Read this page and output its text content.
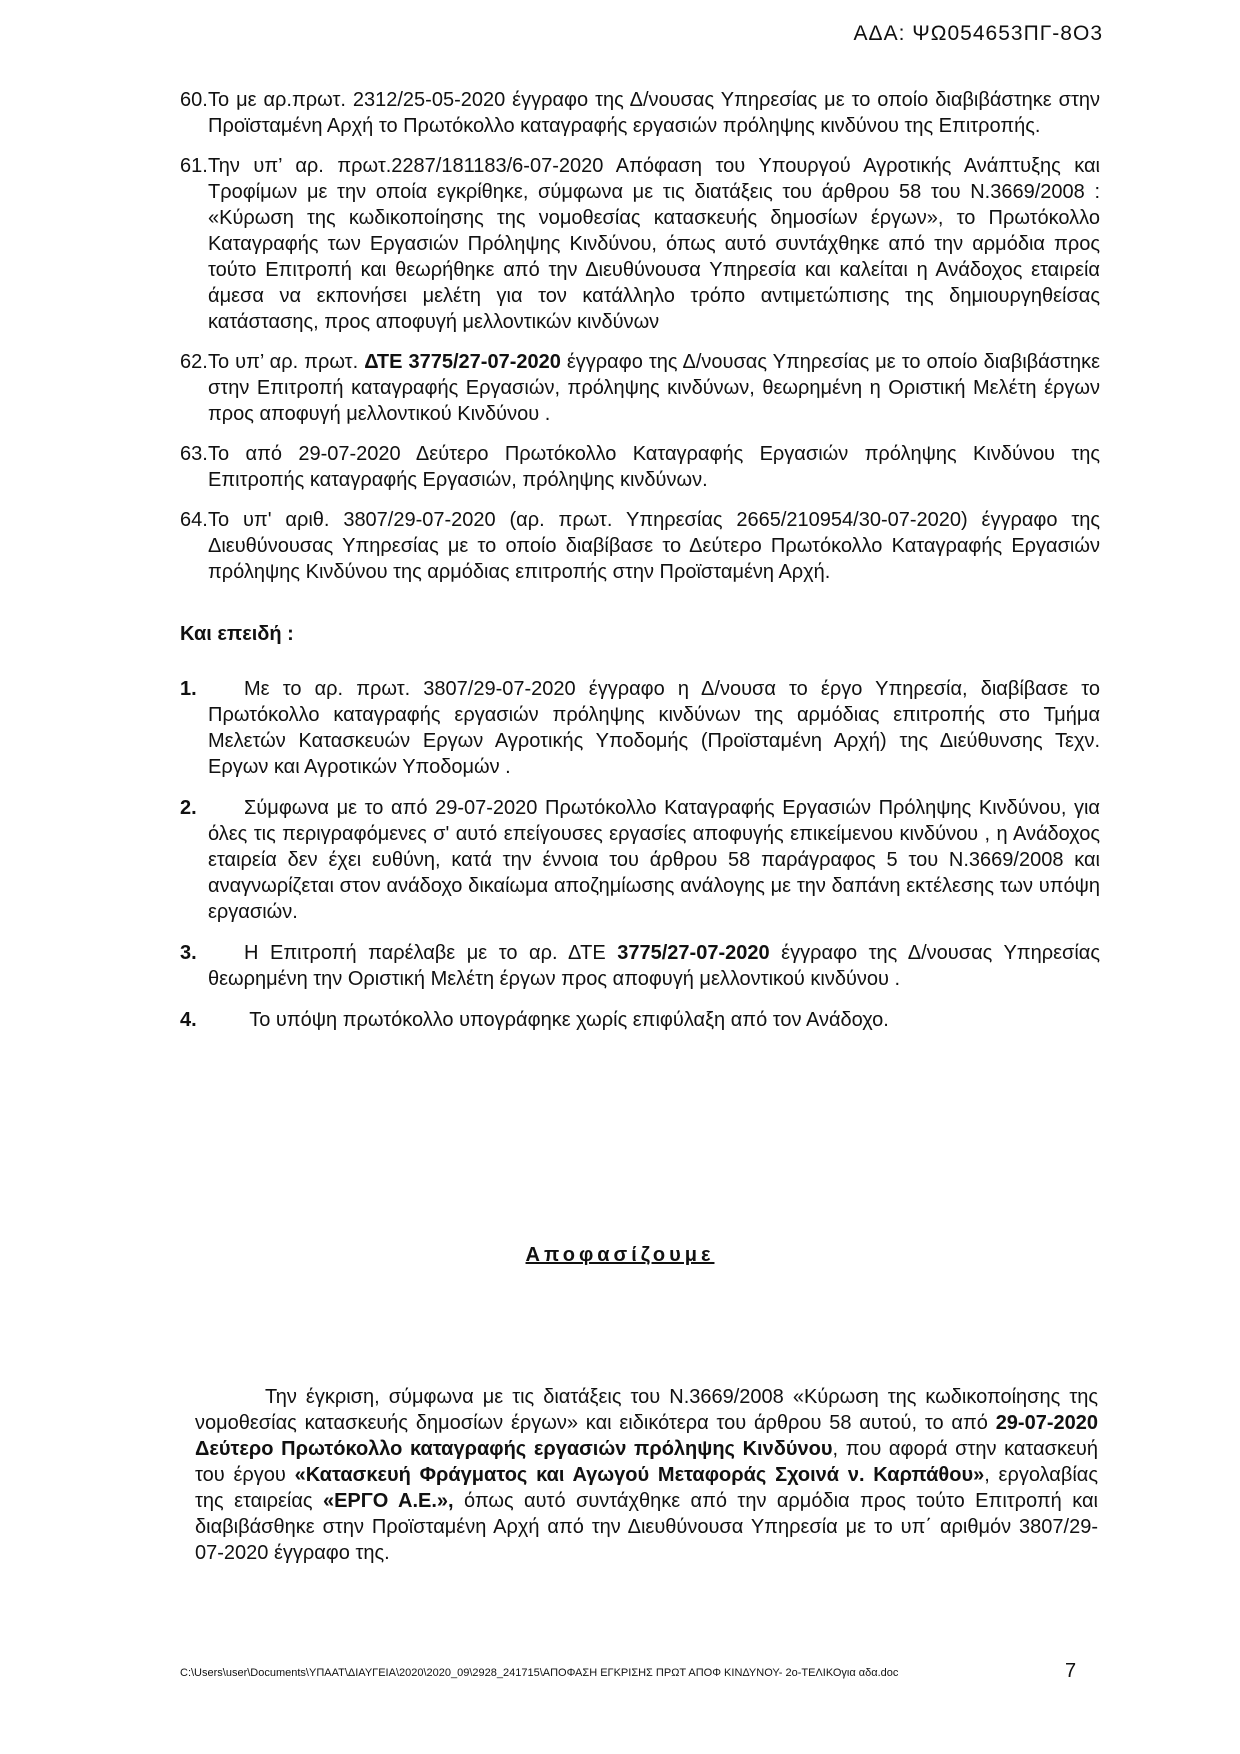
ΑΔΑ: ΨΩ054653ΠΓ-8Ο3
60. Το με αρ.πρωτ. 2312/25-05-2020 έγγραφο της Δ/νουσας Υπηρεσίας με το οποίο διαβιβάστηκε στην Προϊσταμένη Αρχή το Πρωτόκολλο καταγραφής εργασιών πρόληψης κινδύνου της Επιτροπής.
61. Την υπ’ αρ. πρωτ.2287/181183/6-07-2020 Απόφαση του Υπουργού Αγροτικής Ανάπτυξης και Τροφίμων με την οποία εγκρίθηκε, σύμφωνα με τις διατάξεις του άρθρου 58 του Ν.3669/2008 : «Κύρωση της κωδικοποίησης της νομοθεσίας κατασκευής δημοσίων έργων», το Πρωτόκολλο Καταγραφής των Εργασιών Πρόληψης Κινδύνου, όπως αυτό συντάχθηκε από την αρμόδια προς τούτο Επιτροπή και θεωρήθηκε από την Διευθύνουσα Υπηρεσία και καλείται η Ανάδοχος εταιρεία άμεσα να εκπονήσει μελέτη για τον κατάλληλο τρόπο αντιμετώπισης της δημιουργηθείσας κατάστασης, προς αποφυγή μελλοντικών κινδύνων
62. Το υπ’ αρ. πρωτ. ΔΤΕ 3775/27-07-2020 έγγραφο της Δ/νουσας Υπηρεσίας με το οποίο διαβιβάστηκε στην Επιτροπή καταγραφής Εργασιών, πρόληψης κινδύνων, θεωρημένη η Οριστική Μελέτη έργων προς αποφυγή μελλοντικού Κινδύνου .
63. Το από 29-07-2020 Δεύτερο Πρωτόκολλο Καταγραφής Εργασιών πρόληψης Κινδύνου της Επιτροπής καταγραφής Εργασιών, πρόληψης κινδύνων.
64. Το υπ' αριθ. 3807/29-07-2020 (αρ. πρωτ. Υπηρεσίας 2665/210954/30-07-2020) έγγραφο της Διευθύνουσας Υπηρεσίας με το οποίο διαβίβασε το Δεύτερο Πρωτόκολλο Καταγραφής Εργασιών πρόληψης Κινδύνου της αρμόδιας επιτροπής στην Προϊσταμένη Αρχή.
Και επειδή :
1.	Με το αρ. πρωτ. 3807/29-07-2020 έγγραφο η Δ/νουσα το έργο Υπηρεσία, διαβίβασε το Πρωτόκολλο καταγραφής εργασιών πρόληψης κινδύνων της αρμόδιας επιτροπής στο Τμήμα Μελετών Κατασκευών Εργων Αγροτικής Υποδομής (Προϊσταμένη Αρχή) της Διεύθυνσης Τεχν. Εργων και Αγροτικών Υποδομών .
2.	Σύμφωνα με το από 29-07-2020 Πρωτόκολλο Καταγραφής Εργασιών Πρόληψης Κινδύνου, για όλες τις περιγραφόμενες σ' αυτό επείγουσες εργασίες αποφυγής επικείμενου κινδύνου , η Ανάδοχος εταιρεία δεν έχει ευθύνη, κατά την έννοια του άρθρου 58 παράγραφος 5 του Ν.3669/2008 και αναγνωρίζεται στον ανάδοχο δικαίωμα αποζημίωσης ανάλογης με την δαπάνη εκτέλεσης των υπόψη εργασιών.
3.	Η Επιτροπή παρέλαβε με το αρ. ΔΤΕ 3775/27-07-2020 έγγραφο της Δ/νουσας Υπηρεσίας θεωρημένη την Οριστική Μελέτη έργων προς αποφυγή μελλοντικού κινδύνου .
4.	Το υπόψη πρωτόκολλο υπογράφηκε χωρίς επιφύλαξη από τον Ανάδοχο.
Αποφασίζουμε
Την έγκριση, σύμφωνα με τις διατάξεις του Ν.3669/2008 «Κύρωση της κωδικοποίησης της νομοθεσίας κατασκευής δημοσίων έργων» και ειδικότερα του άρθρου 58 αυτού, το από 29-07-2020 Δεύτερο Πρωτόκολλο καταγραφής εργασιών πρόληψης Κινδύνου, που αφορά στην κατασκευή του έργου «Κατασκευή Φράγματος και Αγωγού Μεταφοράς Σχοινά ν. Καρπάθου», εργολαβίας της εταιρείας «ΕΡΓΟ Α.Ε.», όπως αυτό συντάχθηκε από την αρμόδια προς τούτο Επιτροπή και διαβιβάσθηκε στην Προϊσταμένη Αρχή από την Διευθύνουσα Υπηρεσία με το υπ΄ αριθμόν 3807/29-07-2020 έγγραφο της.
C:\Users\user\Documents\ΥΠΑΑΤ\ΔΙΑΥΓΕΙΑ\2020\2020_09\2928_241715\ΑΠΟΦΑΣΗ ΕΓΚΡΙΣΗΣ ΠΡΩΤ ΑΠΟΦ ΚΙΝΔΥΝΟΥ- 2ο-ΤΕΛΙΚΟγια αδα.doc	7
